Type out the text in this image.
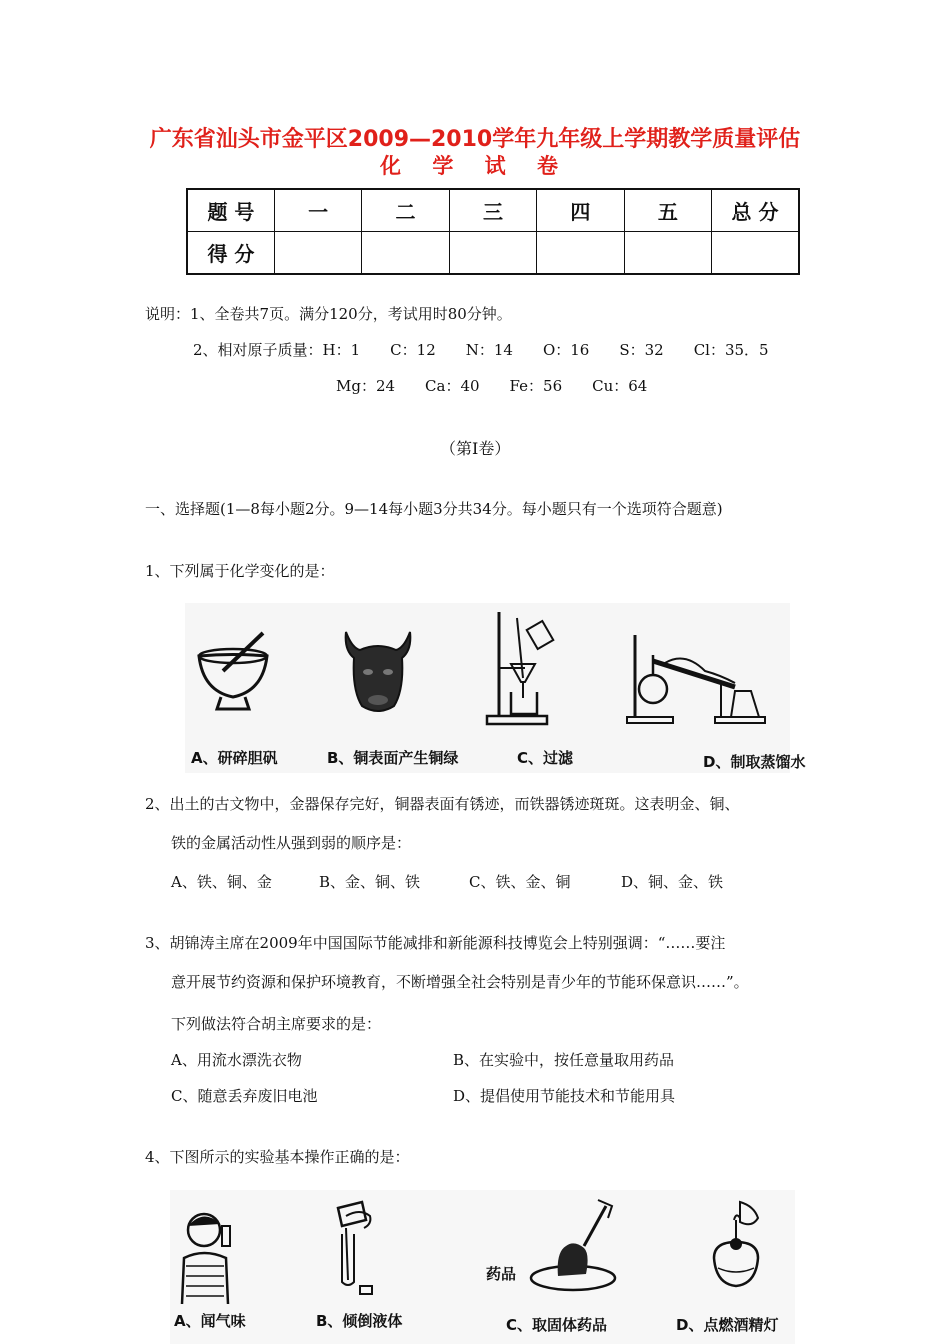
广东省汕头市金平区2009—2010学年九年级上学期教学质量评估
化 学 试 卷
题 号	一	二	三	四	五	总 分
得 分						
说明：1、全卷共7页。满分120分，考试用时80分钟。
2、相对原子质量：H：1　　C：12　　N：14　　O：16　　S：32　　Cl：35．5
Mg：24　　Ca：40　　Fe：56　　Cu：64
（第Ⅰ卷）
一、选择题(1—8每小题2分。9—14每小题3分共34分。每小题只有一个选项符合题意)
1、下列属于化学变化的是：
A、研碎胆矾	B、铜表面产生铜绿	C、过滤	D、制取蒸馏水
2、出土的古文物中，金器保存完好，铜器表面有锈迹，而铁器锈迹斑斑。这表明金、铜、
铁的金属活动性从强到弱的顺序是：
A、铁、铜、金	B、金、铜、铁	C、铁、金、铜	D、铜、金、铁
3、胡锦涛主席在2009年中国国际节能减排和新能源科技博览会上特别强调：“……要注
意开展节约资源和保护环境教育，不断增强全社会特别是青少年的节能环保意识……”。
下列做法符合胡主席要求的是：
A、用流水漂洗衣物	B、在实验中，按任意量取用药品
C、随意丢弃废旧电池	D、提倡使用节能技术和节能用具
4、下图所示的实验基本操作正确的是：
药品
A、闻气味	B、倾倒液体	C、取固体药品	D、点燃酒精灯
